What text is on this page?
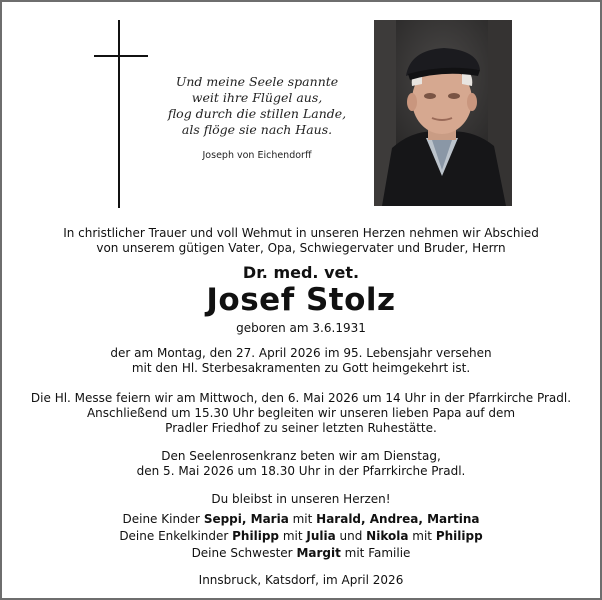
Und meine Seele spannte
weit ihre Flügel aus,
flog durch die stillen Lande,
als flöge sie nach Haus.
Joseph von Eichendorff
In christlicher Trauer und voll Wehmut in unseren Herzen nehmen wir Abschied
von unserem gütigen Vater, Opa, Schwiegervater und Bruder, Herrn
Dr. med. vet.
Josef Stolz
geboren am 3.6.1931
der am Montag, den 27. April 2026 im 95. Lebensjahr versehen
mit den Hl. Sterbesakramenten zu Gott heimgekehrt ist.
Die Hl. Messe feiern wir am Mittwoch, den 6. Mai 2026 um 14 Uhr in der Pfarrkirche Pradl.
Anschließend um 15.30 Uhr begleiten wir unseren lieben Papa auf dem
Pradler Friedhof zu seiner letzten Ruhestätte.
Den Seelenrosenkranz beten wir am Dienstag,
den 5. Mai 2026 um 18.30 Uhr in der Pfarrkirche Pradl.
Du bleibst in unseren Herzen!
Deine Kinder Seppi, Maria mit Harald, Andrea, Martina
Deine Enkelkinder Philipp mit Julia und Nikola mit Philipp
Deine Schwester Margit mit Familie
Innsbruck, Katsdorf, im April 2026
